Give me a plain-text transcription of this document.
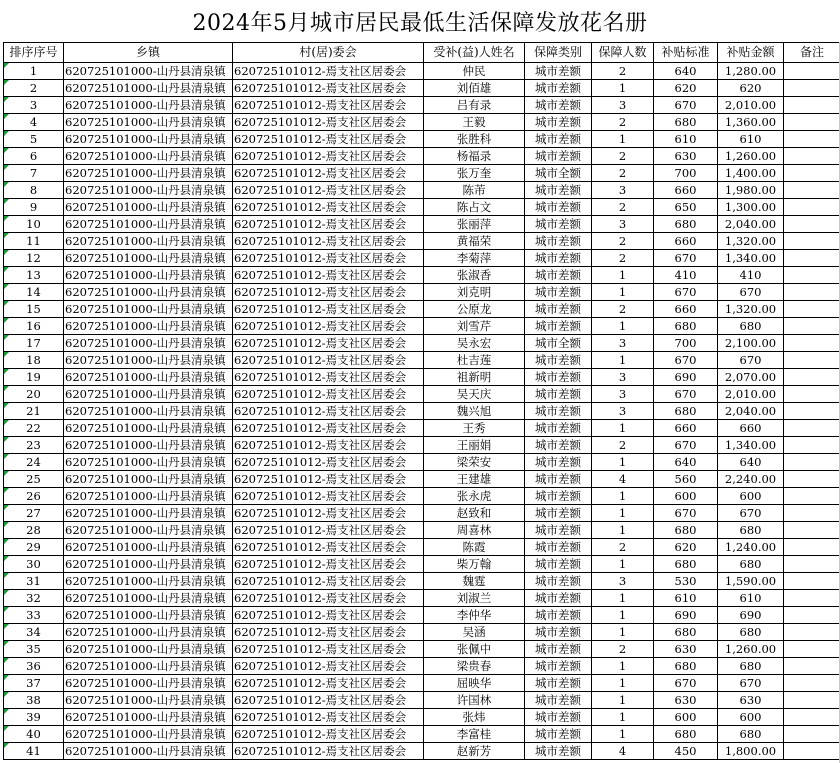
2024年5月城市居民最低生活保障发放花名册
排序序号	乡镇	村(居)委会	受补(益)人姓名	保障类别	保障人数	补贴标准	补贴金额	备注
1	620725101000-山丹县清泉镇	620725101012-焉支社区居委会	仲民	城市差额	2	640	1,280.00	
2	620725101000-山丹县清泉镇	620725101012-焉支社区居委会	刘佰雄	城市差额	1	620	620	
3	620725101000-山丹县清泉镇	620725101012-焉支社区居委会	吕有录	城市差额	3	670	2,010.00	
4	620725101000-山丹县清泉镇	620725101012-焉支社区居委会	王毅	城市差额	2	680	1,360.00	
5	620725101000-山丹县清泉镇	620725101012-焉支社区居委会	张胜科	城市差额	1	610	610	
6	620725101000-山丹县清泉镇	620725101012-焉支社区居委会	杨福录	城市差额	2	630	1,260.00	
7	620725101000-山丹县清泉镇	620725101012-焉支社区居委会	张万奎	城市全额	2	700	1,400.00	
8	620725101000-山丹县清泉镇	620725101012-焉支社区居委会	陈芾	城市差额	3	660	1,980.00	
9	620725101000-山丹县清泉镇	620725101012-焉支社区居委会	陈占文	城市差额	2	650	1,300.00	
10	620725101000-山丹县清泉镇	620725101012-焉支社区居委会	张丽萍	城市差额	3	680	2,040.00	
11	620725101000-山丹县清泉镇	620725101012-焉支社区居委会	黄福荣	城市差额	2	660	1,320.00	
12	620725101000-山丹县清泉镇	620725101012-焉支社区居委会	李菊萍	城市差额	2	670	1,340.00	
13	620725101000-山丹县清泉镇	620725101012-焉支社区居委会	张淑香	城市差额	1	410	410	
14	620725101000-山丹县清泉镇	620725101012-焉支社区居委会	刘克明	城市差额	1	670	670	
15	620725101000-山丹县清泉镇	620725101012-焉支社区居委会	公原龙	城市差额	2	660	1,320.00	
16	620725101000-山丹县清泉镇	620725101012-焉支社区居委会	刘雪芹	城市差额	1	680	680	
17	620725101000-山丹县清泉镇	620725101012-焉支社区居委会	吴永宏	城市全额	3	700	2,100.00	
18	620725101000-山丹县清泉镇	620725101012-焉支社区居委会	杜吉莲	城市差额	1	670	670	
19	620725101000-山丹县清泉镇	620725101012-焉支社区居委会	祖新明	城市差额	3	690	2,070.00	
20	620725101000-山丹县清泉镇	620725101012-焉支社区居委会	吴天庆	城市差额	3	670	2,010.00	
21	620725101000-山丹县清泉镇	620725101012-焉支社区居委会	魏兴旭	城市差额	3	680	2,040.00	
22	620725101000-山丹县清泉镇	620725101012-焉支社区居委会	王秀	城市差额	1	660	660	
23	620725101000-山丹县清泉镇	620725101012-焉支社区居委会	王丽娟	城市差额	2	670	1,340.00	
24	620725101000-山丹县清泉镇	620725101012-焉支社区居委会	梁荣安	城市差额	1	640	640	
25	620725101000-山丹县清泉镇	620725101012-焉支社区居委会	王建雄	城市差额	4	560	2,240.00	
26	620725101000-山丹县清泉镇	620725101012-焉支社区居委会	张永虎	城市差额	1	600	600	
27	620725101000-山丹县清泉镇	620725101012-焉支社区居委会	赵致和	城市差额	1	670	670	
28	620725101000-山丹县清泉镇	620725101012-焉支社区居委会	周喜林	城市差额	1	680	680	
29	620725101000-山丹县清泉镇	620725101012-焉支社区居委会	陈霞	城市差额	2	620	1,240.00	
30	620725101000-山丹县清泉镇	620725101012-焉支社区居委会	柴万翰	城市差额	1	680	680	
31	620725101000-山丹县清泉镇	620725101012-焉支社区居委会	魏霆	城市差额	3	530	1,590.00	
32	620725101000-山丹县清泉镇	620725101012-焉支社区居委会	刘淑兰	城市差额	1	610	610	
33	620725101000-山丹县清泉镇	620725101012-焉支社区居委会	李仲华	城市差额	1	690	690	
34	620725101000-山丹县清泉镇	620725101012-焉支社区居委会	吴涵	城市差额	1	680	680	
35	620725101000-山丹县清泉镇	620725101012-焉支社区居委会	张佩中	城市差额	2	630	1,260.00	
36	620725101000-山丹县清泉镇	620725101012-焉支社区居委会	梁贵春	城市差额	1	680	680	
37	620725101000-山丹县清泉镇	620725101012-焉支社区居委会	屈映华	城市差额	1	670	670	
38	620725101000-山丹县清泉镇	620725101012-焉支社区居委会	许国林	城市差额	1	630	630	
39	620725101000-山丹县清泉镇	620725101012-焉支社区居委会	张炜	城市差额	1	600	600	
40	620725101000-山丹县清泉镇	620725101012-焉支社区居委会	李富桂	城市差额	1	680	680	
41	620725101000-山丹县清泉镇	620725101012-焉支社区居委会	赵新芳	城市差额	4	450	1,800.00	
